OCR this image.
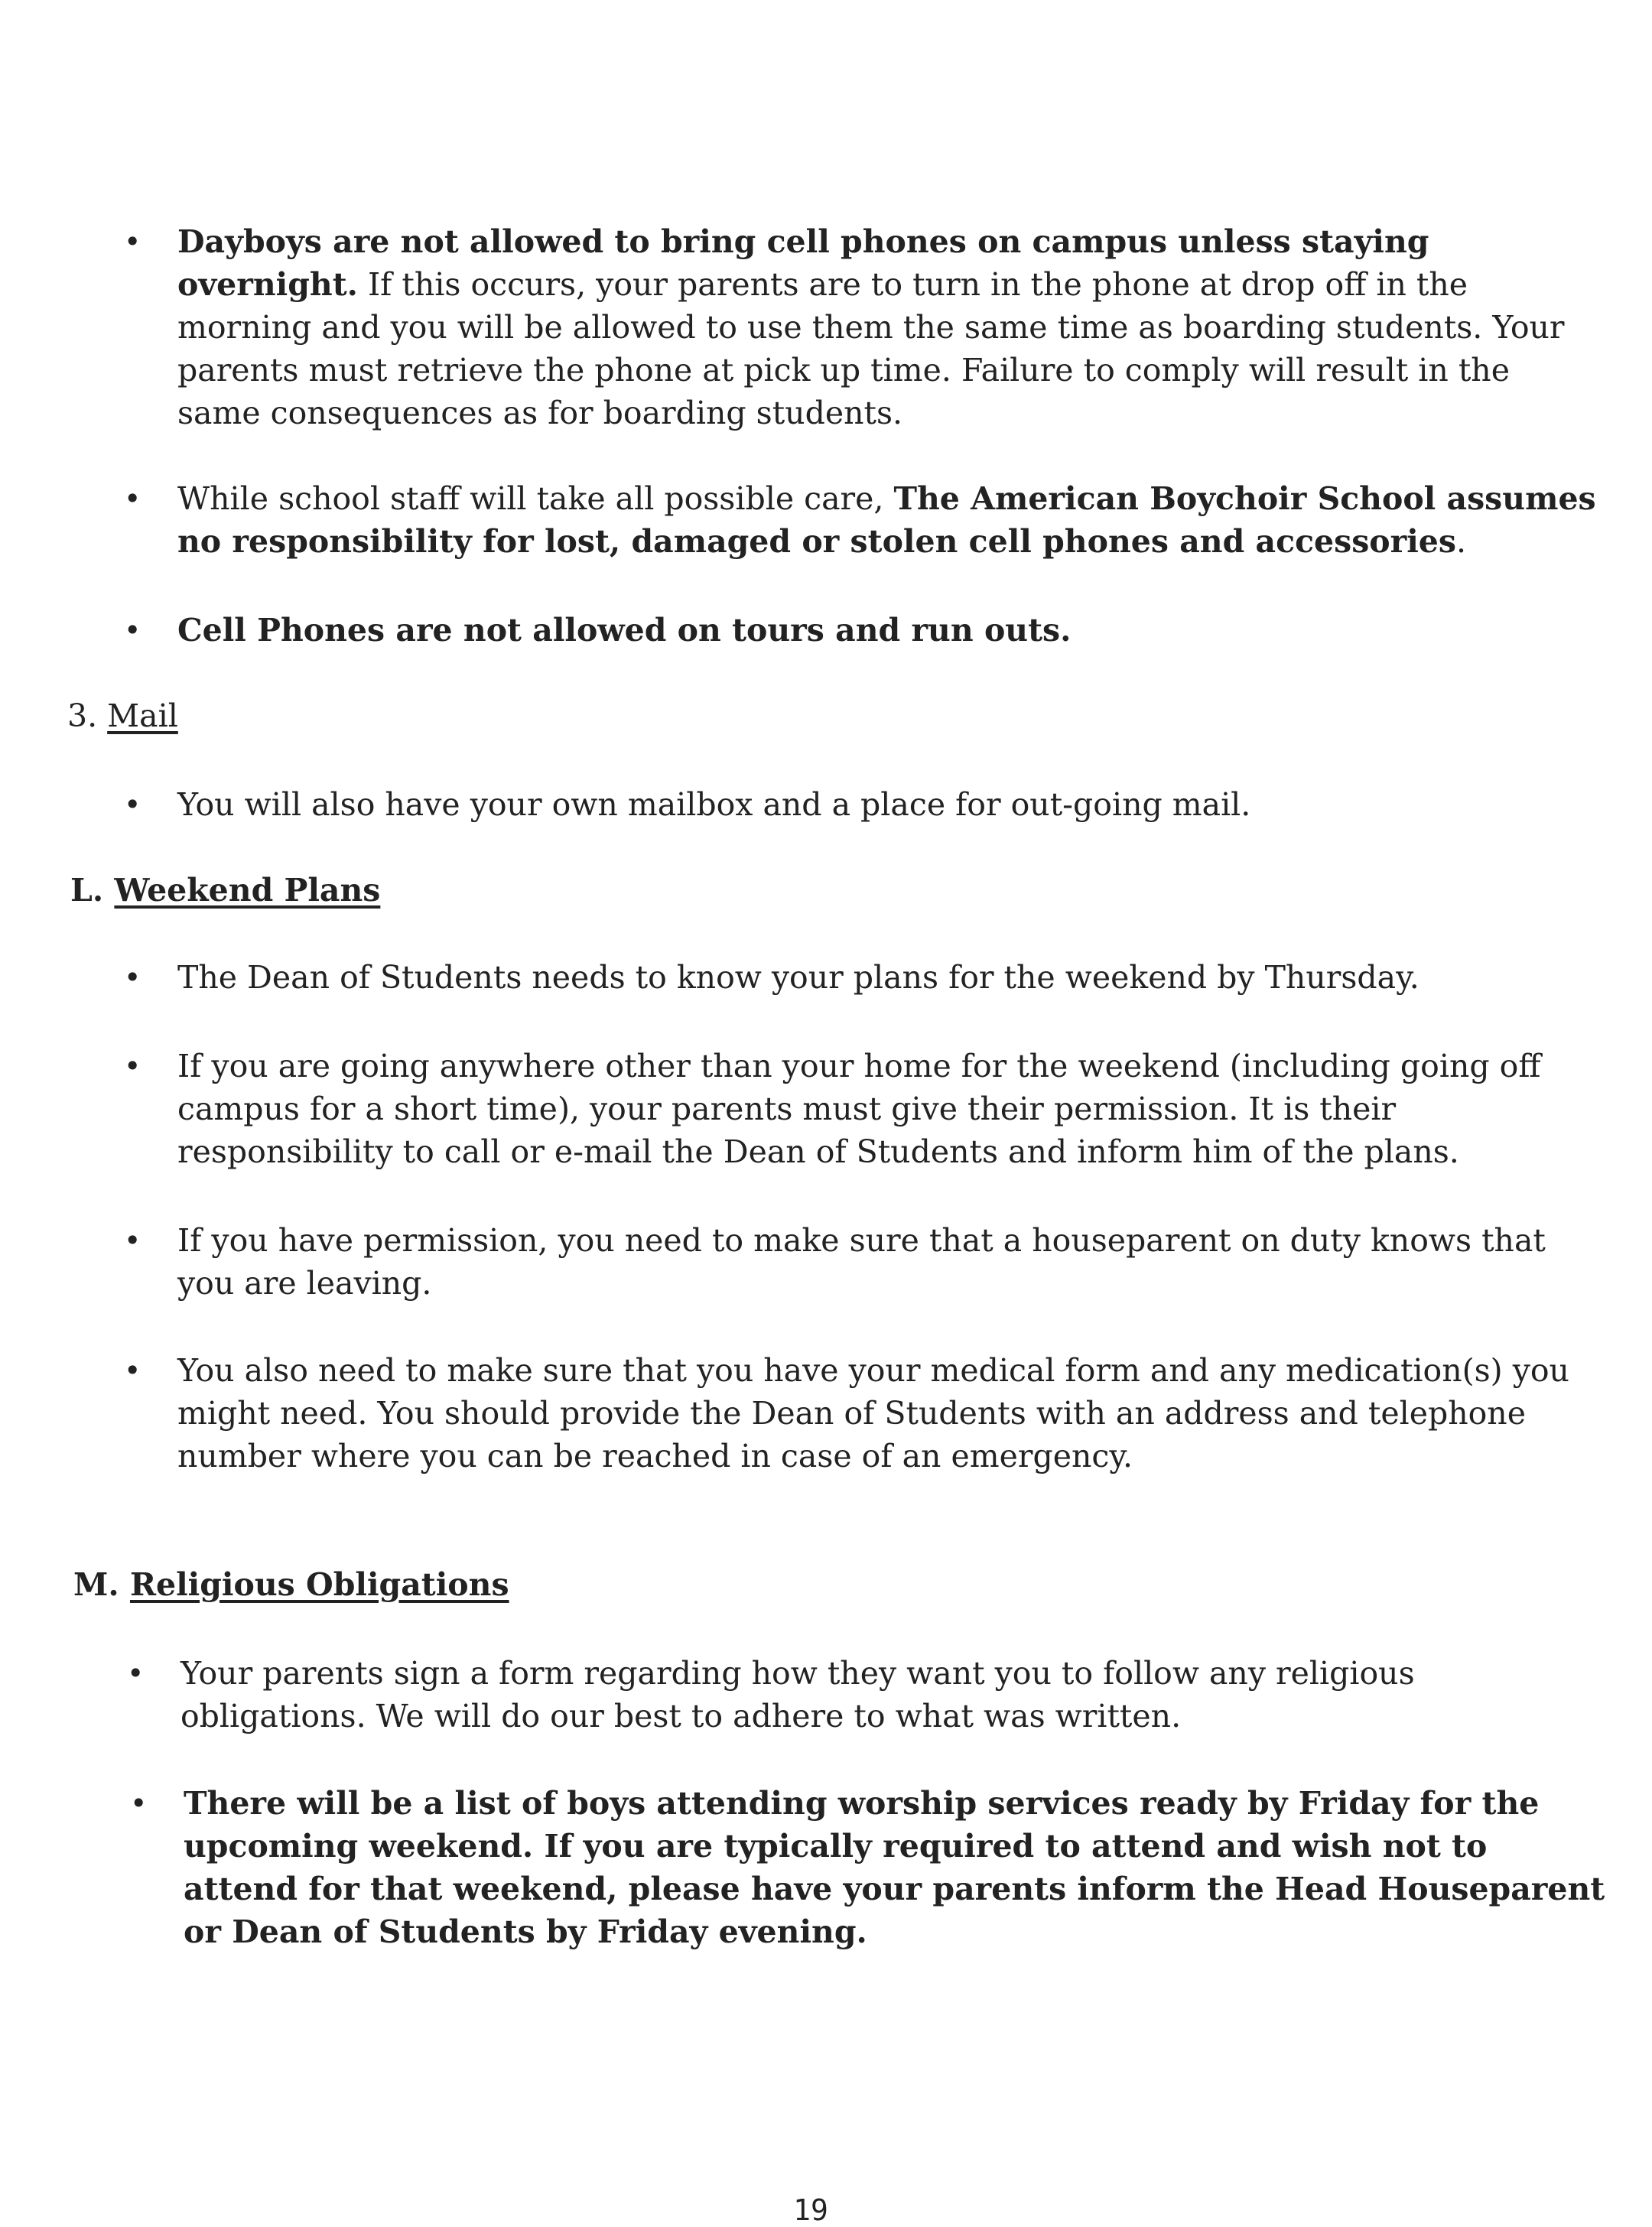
• Dayboys are not allowed to bring cell phones on campus unless staying overnight. If this occurs, your parents are to turn in the phone at drop off in the morning and you will be allowed to use them the same time as boarding students. Your parents must retrieve the phone at pick up time. Failure to comply will result in the same consequences as for boarding students.
• While school staff will take all possible care, The American Boychoir School assumes no responsibility for lost, damaged or stolen cell phones and accessories.
• Cell Phones are not allowed on tours and run outs.
3. Mail
• You will also have your own mailbox and a place for out-going mail.
L. Weekend Plans
• The Dean of Students needs to know your plans for the weekend by Thursday.
• If you are going anywhere other than your home for the weekend (including going off campus for a short time), your parents must give their permission. It is their responsibility to call or e-mail the Dean of Students and inform him of the plans.
• If you have permission, you need to make sure that a houseparent on duty knows that you are leaving.
• You also need to make sure that you have your medical form and any medication(s) you might need. You should provide the Dean of Students with an address and telephone number where you can be reached in case of an emergency.
M. Religious Obligations
• Your parents sign a form regarding how they want you to follow any religious obligations. We will do our best to adhere to what was written.
• There will be a list of boys attending worship services ready by Friday for the upcoming weekend. If you are typically required to attend and wish not to attend for that weekend, please have your parents inform the Head Houseparent or Dean of Students by Friday evening.
19
